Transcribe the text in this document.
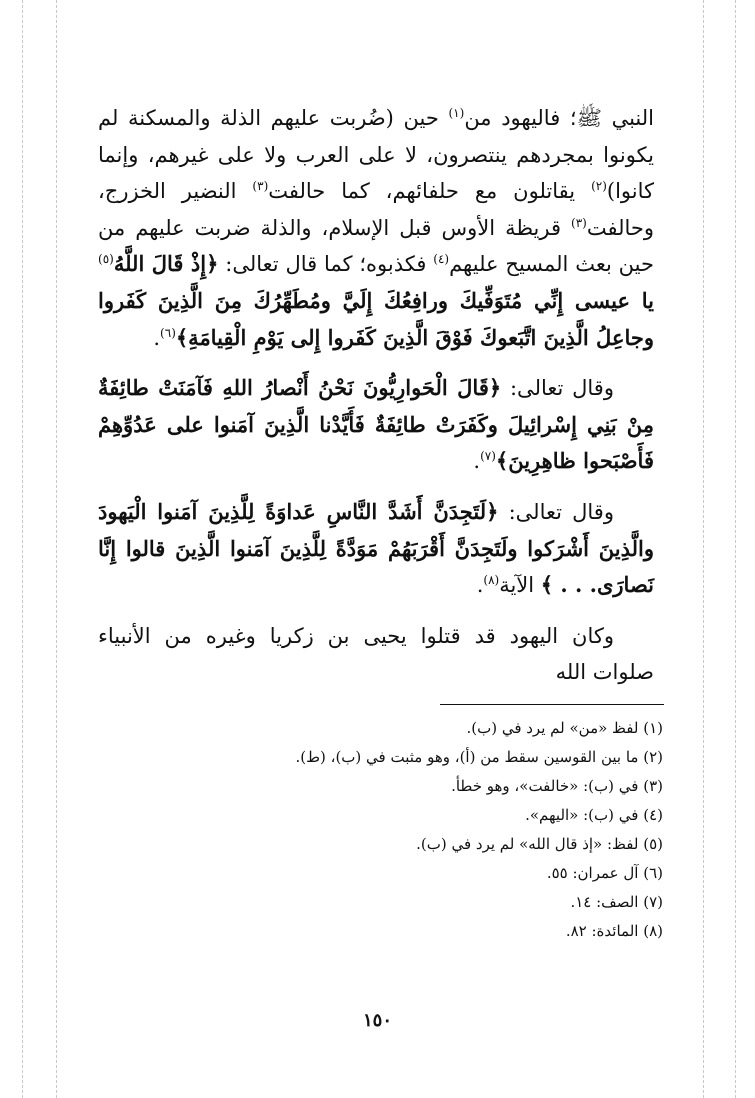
النبي ﷺ؛ فاليهود من$^{(١)}$ حين (ضُربت عليهم الذلة والمسكنة لم يكونوا بمجردهم ينتصرون، لا على العرب ولا على غيرهم، وإنما كانوا)$^{(٢)}$ يقاتلون مع حلفائهم، كما حالفت$^{(٣)}$ النضير الخزرج، وحالفت$^{(٣)}$ قريظة الأوس قبل الإسلام، والذلة ضربت عليهم من حين بعث المسيح عليهم$^{(٤)}$ فكذبوه؛ كما قال تعالى: ﴿إِذْ قَالَ اللَّهُ$^{(٥)}$ يا عيسى إِنِّي مُتَوَفِّيكَ ورافِعُكَ إِلَيَّ ومُطَهِّرُكَ مِنَ الَّذِينَ كَفَروا وجاعِلُ الَّذِينَ اتَّبَعوكَ فَوْقَ الَّذِينَ كَفَروا إِلى يَوْمِ الْقِيامَةِ﴾$^{(٦)}$.

وقال تعالى: ﴿قَالَ الْحَوارِيُّونَ نَحْنُ أَنْصارُ اللهِ فَآمَنَتْ طائِفَةٌ مِنْ بَنِي إِسْرائِيلَ وكَفَرَتْ طائِفَةٌ فَأَيَّدْنا الَّذِينَ آمَنوا على عَدُوِّهِمْ فَأَصْبَحوا ظاهِرِينَ﴾$^{(٧)}$.

وقال تعالى: ﴿لَتَجِدَنَّ أَشَدَّ النَّاسِ عَداوَةً لِلَّذِينَ آمَنوا الْيَهودَ والَّذِينَ أَشْرَكوا ولَتَجِدَنَّ أَقْرَبَهُمْ مَوَدَّةً لِلَّذِينَ آمَنوا الَّذِينَ قالوا إِنَّا نَصارَى. . . ﴾ الآية$^{(٨)}$.

وكان اليهود قد قتلوا يحيى بن زكريا وغيره من الأنبياء صلوات الله

(١) لفظ «من» لم يرد في (ب).
(٢) ما بين القوسين سقط من (أ)، وهو مثبت في (ب)، (ط).
(٣) في (ب): «خالفت»، وهو خطأ.
(٤) في (ب): «اليهم».
(٥) لفظ: «إذ قال الله» لم يرد في (ب).
(٦) آل عمران: ٥٥.
(٧) الصف: ١٤.
(٨) المائدة: ٨٢.
١٥٠
